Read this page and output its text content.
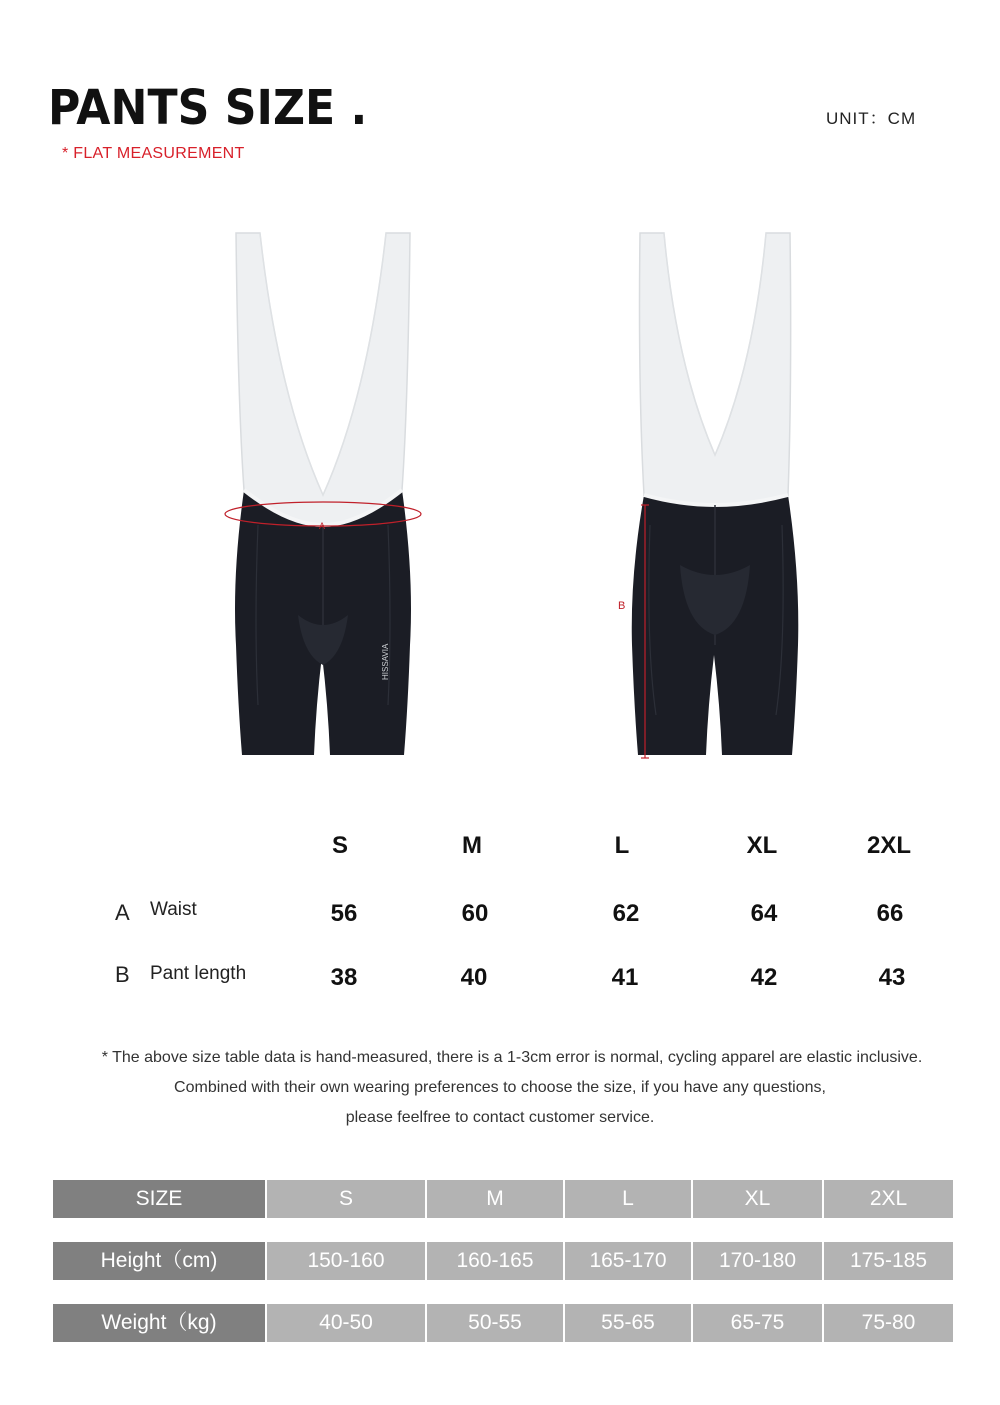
PANTS SIZE .	UNIT：CM
* FLAT MEASUREMENT
A
HISSAVIA
B
S	M	L	XL	2XL
A Waist	56	60	62	64	66
B Pant length	38	40	41	42	43
* The above size table data is hand-measured, there is a 1-3cm error is normal, cycling apparel are elastic inclusive.
Combined with their own wearing preferences to choose the size, if you have any questions,
please feelfree to contact customer service.
SIZE	S	M	L	XL	2XL
Height（cm)	150-160	160-165	165-170	170-180	175-185
Weight（kg)	40-50	50-55	55-65	65-75	75-80
